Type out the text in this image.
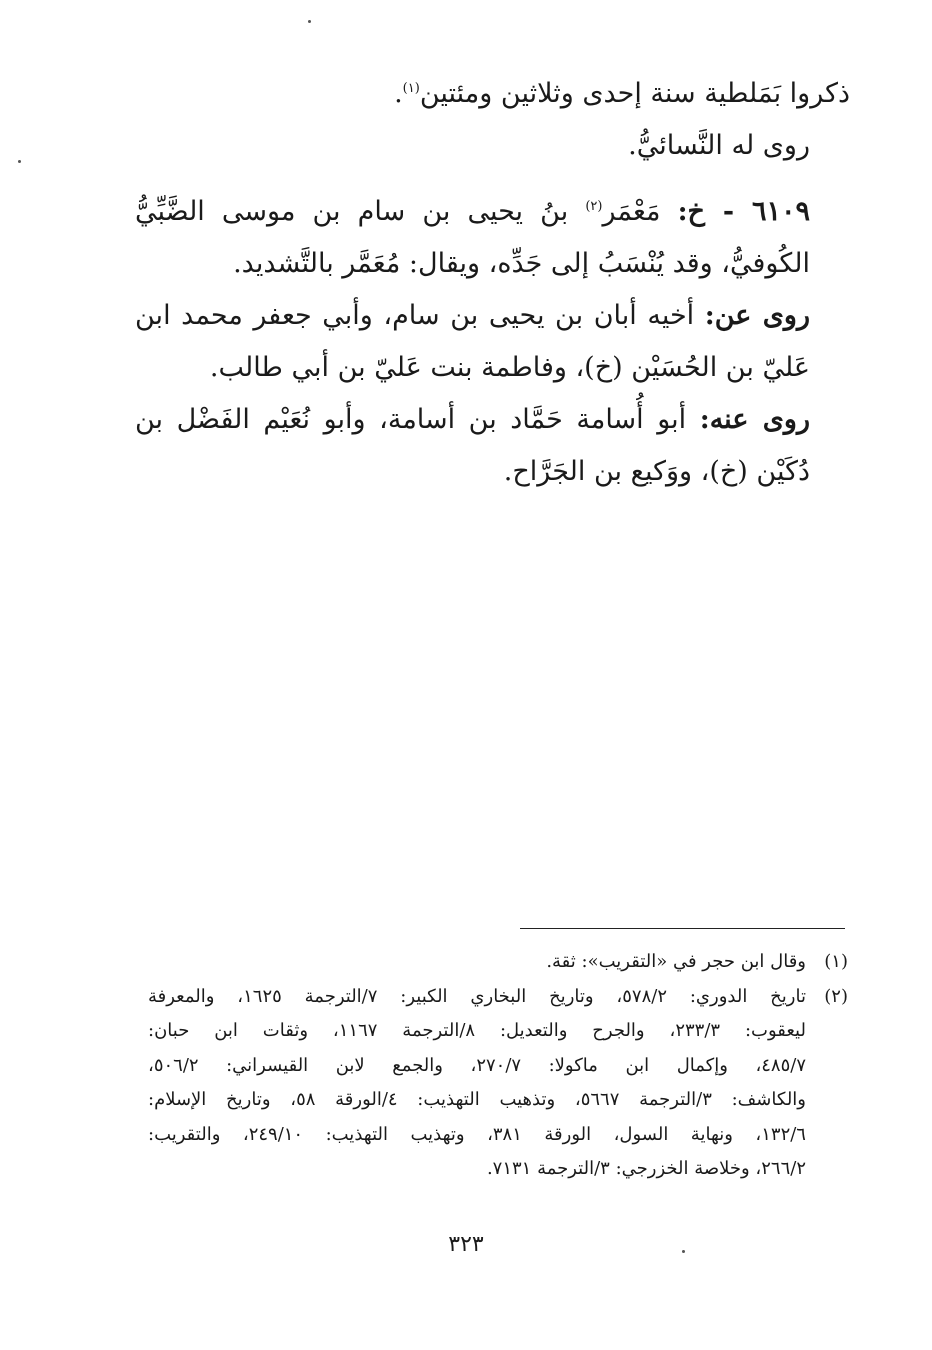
ذكروا بَمَلطية سنة إحدى وثلاثين ومئتين$^{(١)}$.

روى له النَّسائيُّ.

٦١٠٩ - خ: مَعْمَر$^{(٢)}$ بنُ يحيى بن سام بن موسى الضَّبِّيُّ الكُوفيُّ، وقد يُنْسَبُ إلى جَدِّه، ويقال: مُعَمَّر بالتَّشديد.

روى عن: أخيه أبان بن يحيى بن سام، وأبي جعفر محمد ابن عَليّ بن الحُسَيْن (خ)، وفاطمة بنت عَليّ بن أبي طالب.

روى عنه: أبو أُسامة حَمَّاد بن أسامة، وأبو نُعَيْم الفَضْل بن دُكَيْن (خ)، ووَكيع بن الجَرَّاح.

(١)
وقال ابن حجر في «التقريب»: ثقة.
(٢)
تاريخ الدوري: ٥٧٨/٢، وتاريخ البخاري الكبير: ٧/الترجمة ١٦٢٥، والمعرفة
ليعقوب: ٢٣٣/٣، والجرح والتعديل: ٨/الترجمة ١١٦٧، وثقات ابن حبان:
٤٨٥/٧، وإكمال ابن ماكولا: ٢٧٠/٧، والجمع لابن القيسراني: ٥٠٦/٢،
والكاشف: ٣/الترجمة ٥٦٦٧، وتذهيب التهذيب: ٤/الورقة ٥٨، وتاريخ الإسلام:
١٣٢/٦، ونهاية السول، الورقة ٣٨١، وتهذيب التهذيب: ٢٤٩/١٠، والتقريب:
٢٦٦/٢، وخلاصة الخزرجي: ٣/الترجمة ٧١٣١.
٣٢٣
